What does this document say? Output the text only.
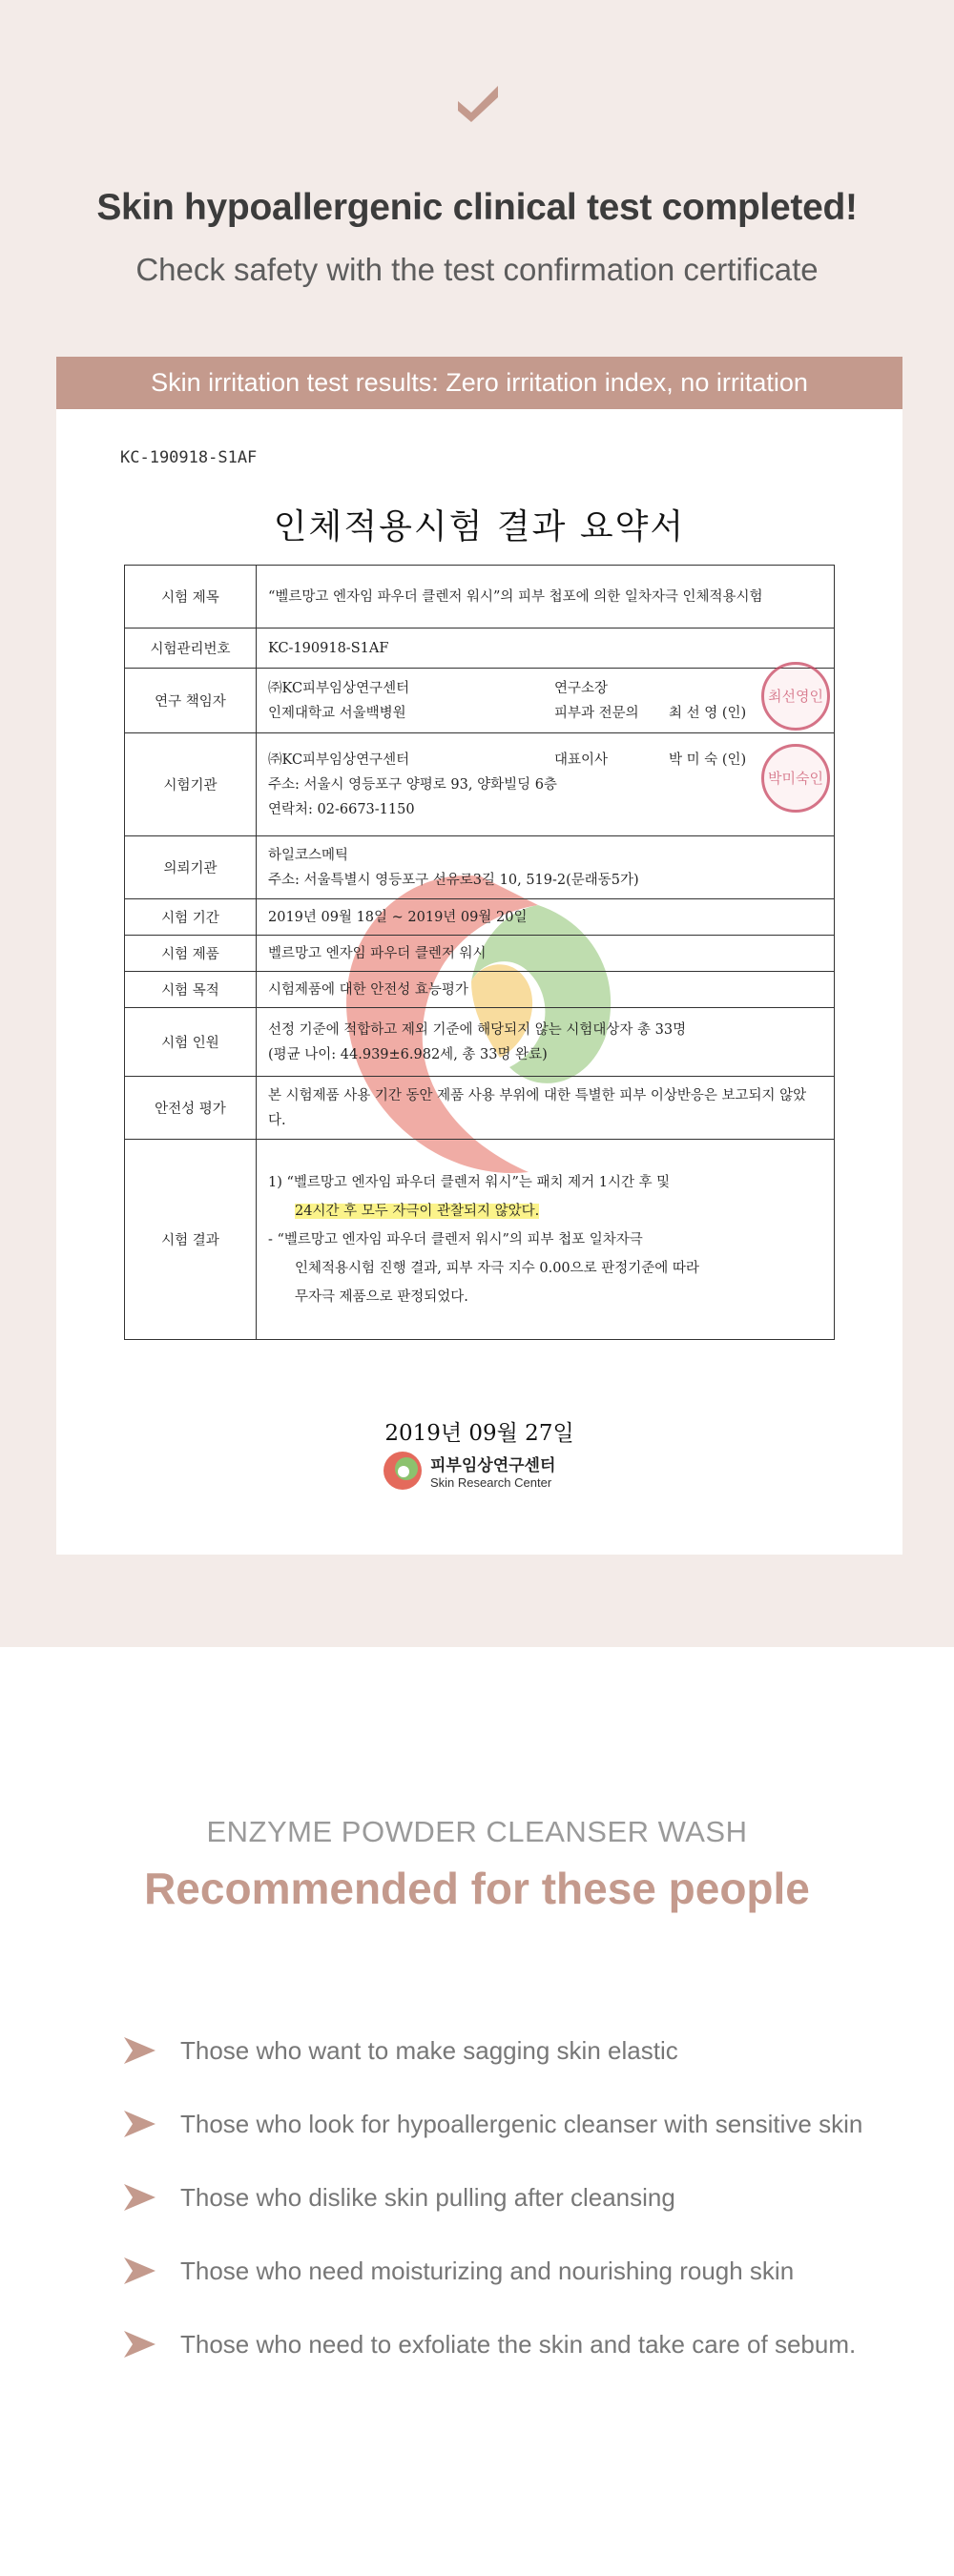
Skin hypoallergenic clinical test completed!
Check safety with the test confirmation certificate
Skin irritation test results: Zero irritation index, no irritation
KC-190918-S1AF
인체적용시험 결과 요약서
시험 제목	“벨르망고 엔자임 파우더 클렌저 워시”의 피부 첩포에 의한 일차자극 인체적용시험
시험관리번호	KC-190918-S1AF
연구 책임자	㈜KC피부임상연구센터 연구소장
인제대학교 서울백병원 피부과 전문의 최 선 영 (인)

시험기관	㈜KC피부임상연구센터 대표이사 박 미 숙 (인)
주소: 서울시 영등포구 양평로 93, 양화빌딩 6층
연락처: 02-6673-1150

의뢰기관	하일코스메틱
주소: 서울특별시 영등포구 선유로3길 10, 519-2(문래동5가)

시험 기간	2019년 09월 18일 ~ 2019년 09월 20일
시험 제품	벨르망고 엔자임 파우더 클렌저 워시
시험 목적	시험제품에 대한 안전성 효능평가
시험 인원	선정 기준에 적합하고 제외 기준에 해당되지 않는 시험대상자 총 33명
(평균 나이: 44.939±6.982세, 총 33명 완료)

안전성 평가	본 시험제품 사용 기간 동안 제품 사용 부위에 대한 특별한 피부 이상반응은 보고되지 않았다.
시험 결과	1) “벨르망고 엔자임 파우더 클렌저 워시”는 패치 제거 1시간 후 및
24시간 후 모두 자극이 관찰되지 않았다.
- “벨르망고 엔자임 파우더 클렌저 워시”의 피부 첩포 일차자극
인체적용시험 진행 결과, 피부 자극 지수 0.00으로 판정기준에 따라
무자극 제품으로 판정되었다.
최선영인
박미숙인
2019년 09월 27일
피부임상연구센터
Skin Research Center
ENZYME POWDER CLEANSER WASH
Recommended for these people
Those who want to make sagging skin elastic
Those who look for hypoallergenic cleanser with sensitive skin
Those who dislike skin pulling after cleansing
Those who need moisturizing and nourishing rough skin
Those who need to exfoliate the skin and take care of sebum.
